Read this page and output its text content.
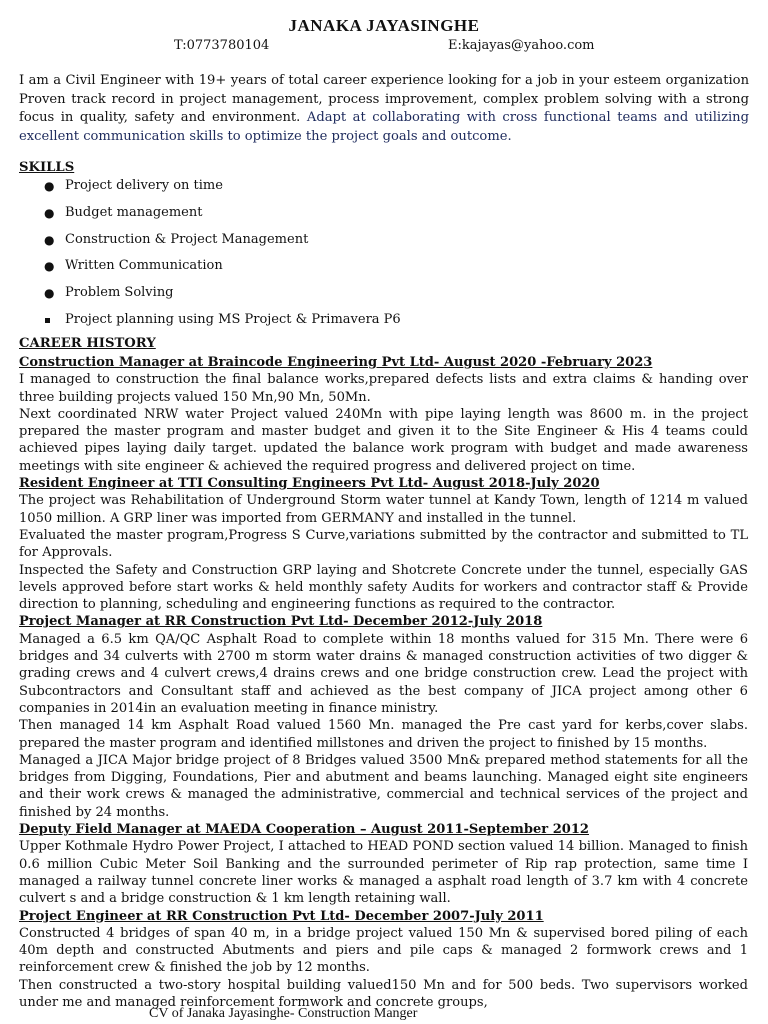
JANAKA JAYASINGHE
T:0773780104	E:kajayas@yahoo.com
I am a Civil Engineer with 19+ years of total career experience looking for a job in your esteem organization Proven track record in project management, process improvement, complex problem solving with a strong focus in quality, safety and environment. Adapt at collaborating with cross functional teams and utilizing excellent communication skills to optimize the project goals and outcome.
SKILLS
● Project delivery on time
● Budget management
● Construction & Project Management
● Written Communication
● Problem Solving
Project planning using MS Project & Primavera P6
CAREER HISTORY
Construction Manager at Braincode Engineering Pvt Ltd- August 2020 -February 2023

I managed to construction the final balance works,prepared defects lists and extra claims & handing over three building projects valued 150 Mn,90 Mn, 50Mn.

Next coordinated NRW water Project valued 240Mn with pipe laying length was 8600 m. in the project prepared the master program and master budget and given it to the Site Engineer & His 4 teams could achieved pipes laying daily target. updated the balance work program with budget and made awareness meetings with site engineer & achieved the required progress and delivered project on time.

Resident Engineer at TTI Consulting Engineers Pvt Ltd- August 2018-July 2020

The project was Rehabilitation of Underground Storm water tunnel at Kandy Town, length of 1214 m valued 1050 million. A GRP liner was imported from GERMANY and installed in the tunnel.

Evaluated the master program,Progress S Curve,variations submitted by the contractor and submitted to TL for Approvals.

Inspected the Safety and Construction GRP laying and Shotcrete Concrete under the tunnel, especially GAS levels approved before start works & held monthly safety Audits for workers and contractor staff & Provide direction to planning, scheduling and engineering functions as required to the contractor.

Project Manager at RR Construction Pvt Ltd- December 2012-July 2018

Managed a 6.5 km QA/QC Asphalt Road to complete within 18 months valued for 315 Mn. There were 6 bridges and 34 culverts with 2700 m storm water drains & managed construction activities of two digger & grading crews and 4 culvert crews,4 drains crews and one bridge construction crew. Lead the project with Subcontractors and Consultant staff and achieved as the best company of JICA project among other 6 companies in 2014in an evaluation meeting in finance ministry.

Then managed 14 km Asphalt Road valued 1560 Mn. managed the Pre cast yard for kerbs,cover slabs. prepared the master program and identified millstones and driven the project to finished by 15 months.

Managed a JICA Major bridge project of 8 Bridges valued 3500 Mn& prepared method statements for all the bridges from Digging, Foundations, Pier and abutment and beams launching. Managed eight site engineers and their work crews & managed the administrative, commercial and technical services of the project and finished by 24 months.

Deputy Field Manager at MAEDA Cooperation – August 2011-September 2012

Upper Kothmale Hydro Power Project, I attached to HEAD POND section valued 14 billion. Managed to finish 0.6 million Cubic Meter Soil Banking and the surrounded perimeter of Rip rap protection, same time I managed a railway tunnel concrete liner works & managed a asphalt road length of 3.7 km with 4 concrete culvert s and a bridge construction & 1 km length retaining wall.

Project Engineer at RR Construction Pvt Ltd- December 2007-July 2011

Constructed 4 bridges of span 40 m, in a bridge project valued 150 Mn & supervised bored piling of each 40m depth and constructed Abutments and piers and pile caps & managed 2 formwork crews and 1 reinforcement crew & finished the job by 12 months.

Then constructed a two-story hospital building valued150 Mn and for 500 beds. Two supervisors worked under me and managed reinforcement formwork and concrete groups,

CV of Janaka Jayasinghe- Construction Manger
